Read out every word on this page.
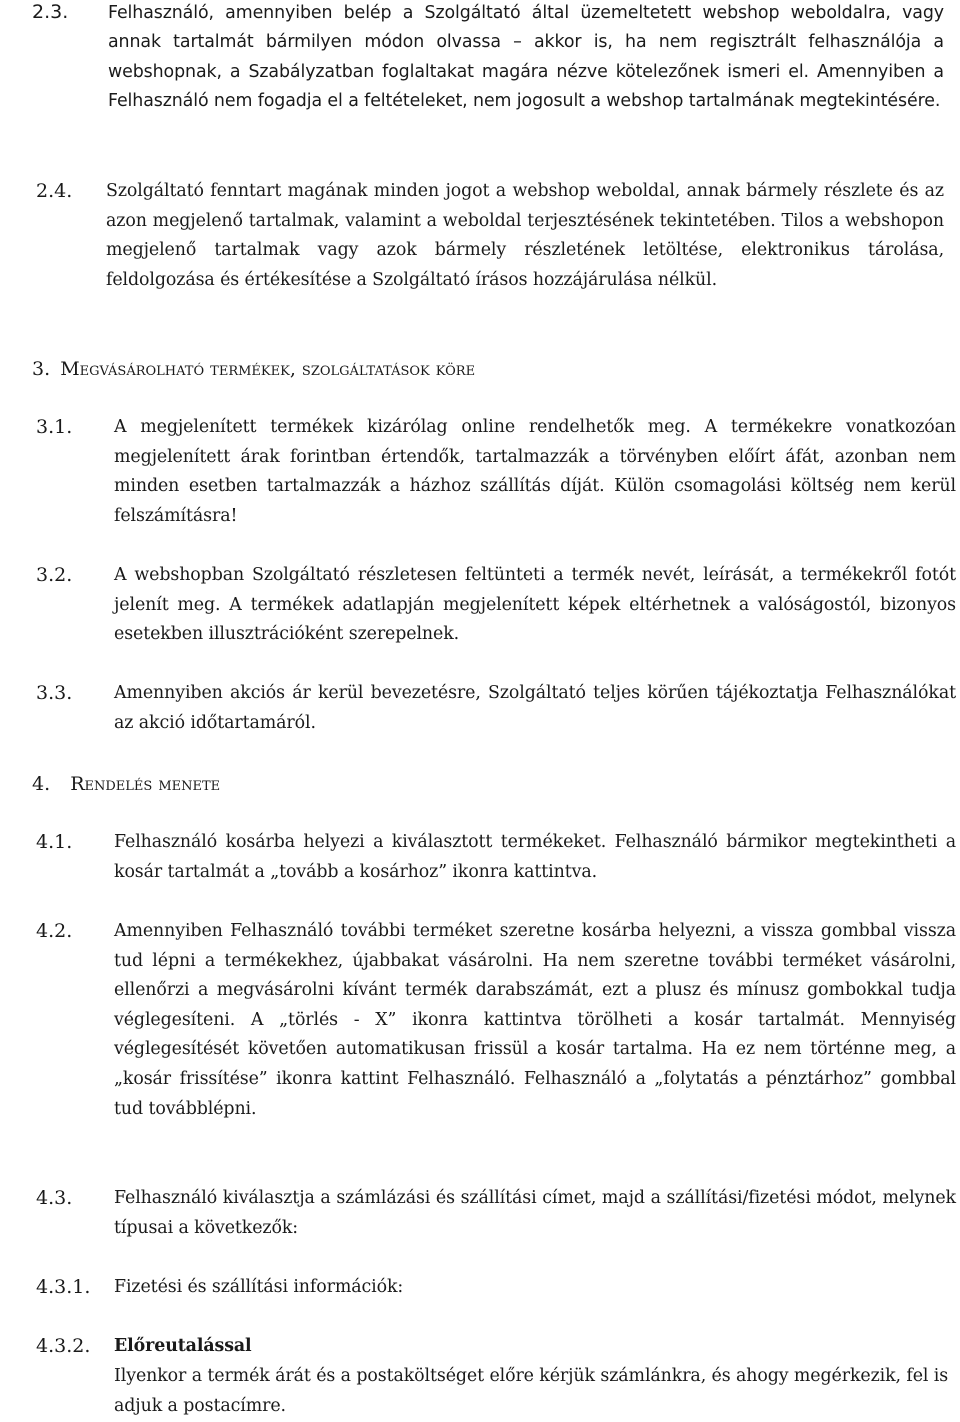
2.3. Felhasználó, amennyiben belép a Szolgáltató által üzemeltetett webshop weboldalra, vagy annak tartalmát bármilyen módon olvassa – akkor is, ha nem regisztrált felhasználója a webshopnak, a Szabályzatban foglaltakat magára nézve kötelezőnek ismeri el. Amennyiben a Felhasználó nem fogadja el a feltételeket, nem jogosult a webshop tartalmának megtekintésére.
2.4. Szolgáltató fenntart magának minden jogot a webshop weboldal, annak bármely részlete és az azon megjelenő tartalmak, valamint a weboldal terjesztésének tekintetében. Tilos a webshopon megjelenő tartalmak vagy azok bármely részletének letöltése, elektronikus tárolása, feldolgozása és értékesítése a Szolgáltató írásos hozzájárulása nélkül.
3. Megvásárolható termékek, szolgáltatások köre
3.1. A megjelenített termékek kizárólag online rendelhetők meg. A termékekre vonatkozóan megjelenített árak forintban értendők, tartalmazzák a törvényben előírt áfát, azonban nem minden esetben tartalmazzák a házhoz szállítás díját. Külön csomagolási költség nem kerül felszámításra!
3.2. A webshopban Szolgáltató részletesen feltünteti a termék nevét, leírását, a termékekről fotót jelenít meg. A termékek adatlapján megjelenített képek eltérhetnek a valóságostól, bizonyos esetekben illusztrációként szerepelnek.
3.3. Amennyiben akciós ár kerül bevezetésre, Szolgáltató teljes körűen tájékoztatja Felhasználókat az akció időtartamáról.
4. Rendelés menete
4.1. Felhasználó kosárba helyezi a kiválasztott termékeket. Felhasználó bármikor megtekintheti a kosár tartalmát a „tovább a kosárhoz” ikonra kattintva.
4.2. Amennyiben Felhasználó további terméket szeretne kosárba helyezni, a vissza gombbal vissza tud lépni a termékekhez, újabbakat vásárolni. Ha nem szeretne további terméket vásárolni, ellenőrzi a megvásárolni kívánt termék darabszámát, ezt a plusz és mínusz gombokkal tudja véglegesíteni. A „törlés - X” ikonra kattintva törölheti a kosár tartalmát. Mennyiség véglegesítését követően automatikusan frissül a kosár tartalma. Ha ez nem történne meg, a „kosár frissítése” ikonra kattint Felhasználó. Felhasználó a „folytatás a pénztárhoz” gombbal tud továbblépni.
4.3. Felhasználó kiválasztja a számlázási és szállítási címet, majd a szállítási/fizetési módot, melynek típusai a következők:
4.3.1. Fizetési és szállítási információk:
4.3.2. Előreutalással
Ilyenkor a termék árát és a postaköltséget előre kérjük számlánkra, és ahogy megérkezik, fel is adjuk a postacímre.
